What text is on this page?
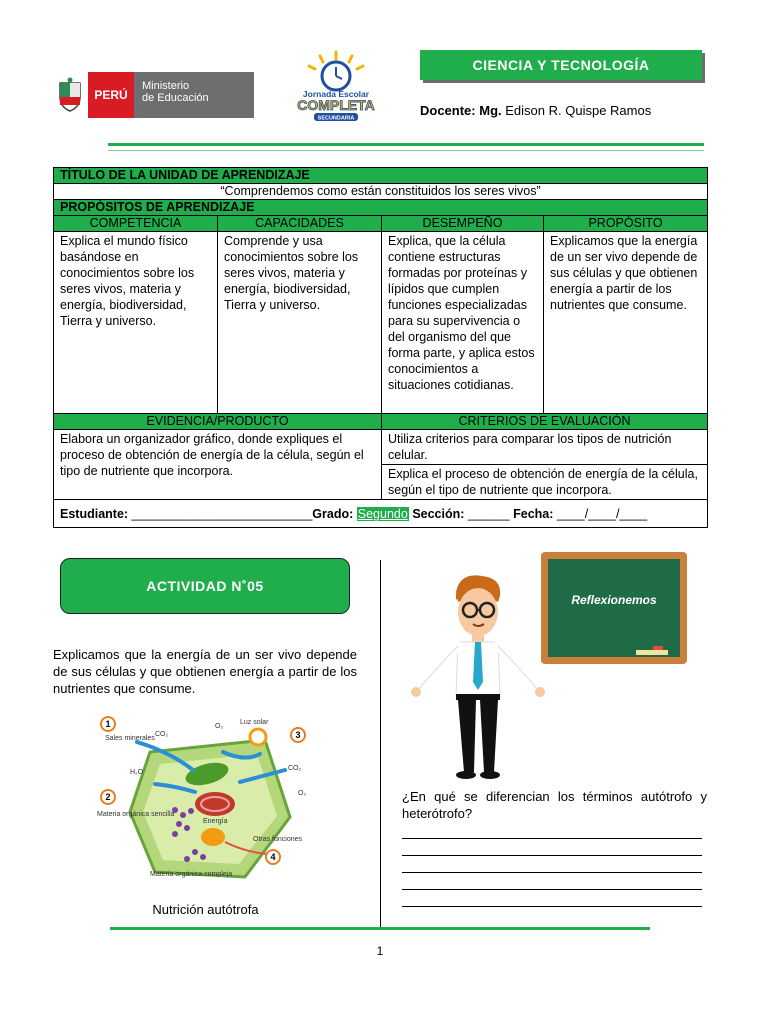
PERÚ
Ministerio
de Educación	Jornada Escolar
COMPLETA
SECUNDARIA
CIENCIA Y TECNOLOGÍA
Docente: Mg. Edison R. Quispe Ramos
TÍTULO DE LA UNIDAD DE APRENDIZAJE			
“Comprendemos como están constituidos los seres vivos”			
PROPÓSITOS DE APRENDIZAJE			
COMPETENCIA	CAPACIDADES	DESEMPEÑO	PROPÓSITO
Explica el mundo físico basándose en conocimientos sobre los seres vivos, materia y energía, biodiversidad, Tierra y universo.	Comprende y usa conocimientos sobre los seres vivos, materia y energía, biodiversidad, Tierra y universo.	Explica, que la célula contiene estructuras formadas por proteínas y lípidos que cumplen funciones especializadas para su supervivencia o del organismo del que forma parte, y aplica estos conocimientos a situaciones cotidianas.	Explicamos que la energía de un ser vivo depende de sus células y que obtienen energía a partir de los nutrientes que consume.
EVIDENCIA/PRODUCTO		CRITERIOS DE EVALUACIÓN	
Elabora un organizador gráfico, donde expliques el proceso de obtención de energía de la célula, según el tipo de nutriente que incorpora.		Utiliza criterios para comparar los tipos de nutrición celular.	
		Explica el proceso de obtención de energía de la célula, según el tipo de nutriente que incorpora.	
Estudiante: __________________________Grado: Segundo Sección: ______ Fecha: ____/____/____			
ACTIVIDAD N˚05
Explicamos que la energía de un ser vivo depende de sus células y que obtienen energía a partir de los nutrientes que consume.
1
2
3
4
Sales minerales
CO₂
O₂
Luz solar
H₂O
CO₂
O₂
Materia orgánica sencilla
Energía
Otras funciones
Materia orgánica compleja
Nutrición autótrofa
Reflexionemos
¿En qué se diferencian los términos autótrofo y heterótrofo?
1
